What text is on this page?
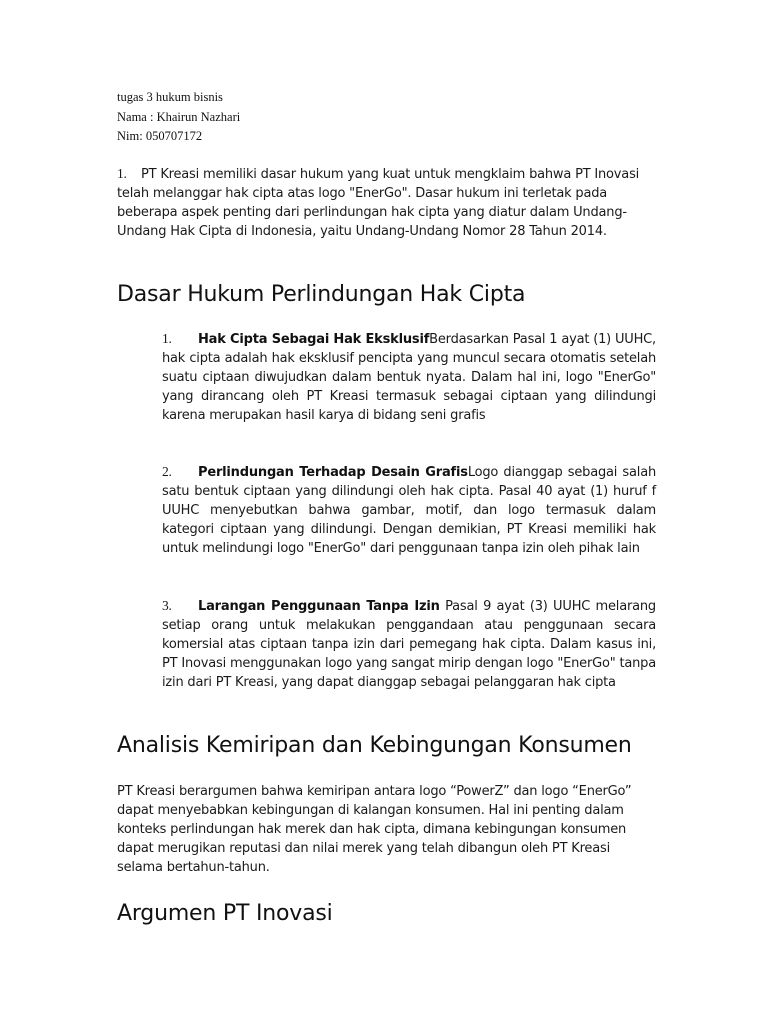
tugas 3 hukum bisnis
Nama : Khairun Nazhari
Nim: 050707172
1. PT Kreasi memiliki dasar hukum yang kuat untuk mengklaim bahwa PT Inovasi telah melanggar hak cipta atas logo "EnerGo". Dasar hukum ini terletak pada beberapa aspek penting dari perlindungan hak cipta yang diatur dalam Undang-Undang Hak Cipta di Indonesia, yaitu Undang-Undang Nomor 28 Tahun 2014.
Dasar Hukum Perlindungan Hak Cipta
1. Hak Cipta Sebagai Hak EksklusifBerdasarkan Pasal 1 ayat (1) UUHC, hak cipta adalah hak eksklusif pencipta yang muncul secara otomatis setelah suatu ciptaan diwujudkan dalam bentuk nyata. Dalam hal ini, logo "EnerGo" yang dirancang oleh PT Kreasi termasuk sebagai ciptaan yang dilindungi karena merupakan hasil karya di bidang seni grafis
2. Perlindungan Terhadap Desain GrafisLogo dianggap sebagai salah satu bentuk ciptaan yang dilindungi oleh hak cipta. Pasal 40 ayat (1) huruf f UUHC menyebutkan bahwa gambar, motif, dan logo termasuk dalam kategori ciptaan yang dilindungi. Dengan demikian, PT Kreasi memiliki hak untuk melindungi logo "EnerGo" dari penggunaan tanpa izin oleh pihak lain
3. Larangan Penggunaan Tanpa Izin Pasal 9 ayat (3) UUHC melarang setiap orang untuk melakukan penggandaan atau penggunaan secara komersial atas ciptaan tanpa izin dari pemegang hak cipta. Dalam kasus ini, PT Inovasi menggunakan logo yang sangat mirip dengan logo "EnerGo" tanpa izin dari PT Kreasi, yang dapat dianggap sebagai pelanggaran hak cipta
Analisis Kemiripan dan Kebingungan Konsumen
PT Kreasi berargumen bahwa kemiripan antara logo “PowerZ” dan logo “EnerGo” dapat menyebabkan kebingungan di kalangan konsumen. Hal ini penting dalam konteks perlindungan hak merek dan hak cipta, dimana kebingungan konsumen dapat merugikan reputasi dan nilai merek yang telah dibangun oleh PT Kreasi selama bertahun-tahun.
Argumen PT Inovasi
